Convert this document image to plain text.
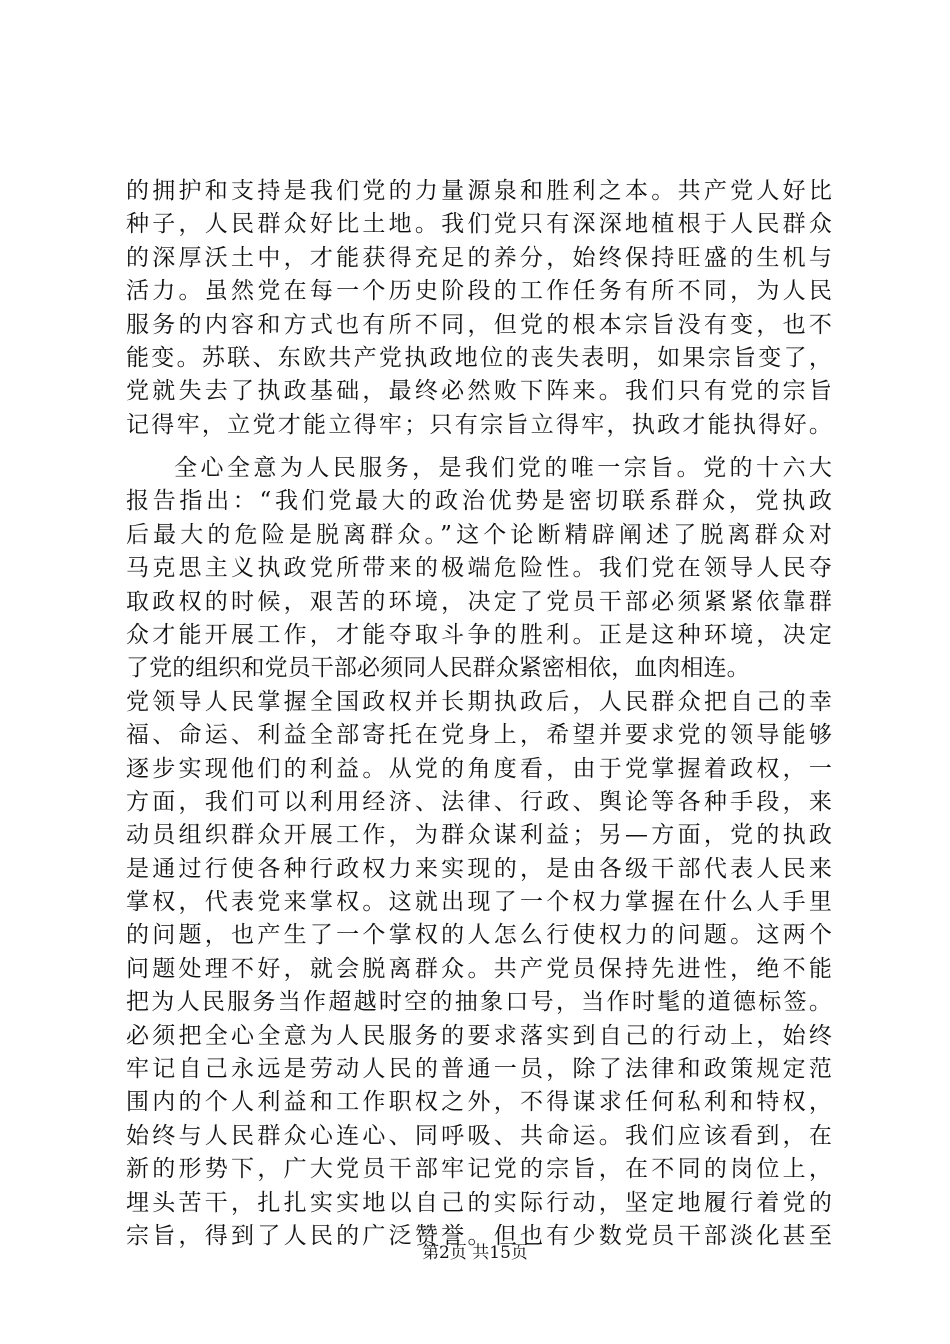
的拥护和支持是我们党的力量源泉和胜利之本。共产党人好比
种子，人民群众好比土地。我们党只有深深地植根于人民群众
的深厚沃土中，才能获得充足的养分，始终保持旺盛的生机与
活力。虽然党在每一个历史阶段的工作任务有所不同，为人民
服务的内容和方式也有所不同，但党的根本宗旨没有变，也不
能变。苏联、东欧共产党执政地位的丧失表明，如果宗旨变了，
党就失去了执政基础，最终必然败下阵来。我们只有党的宗旨
记得牢，立党才能立得牢；只有宗旨立得牢，执政才能执得好。
全心全意为人民服务，是我们党的唯一宗旨。党的十六大
报告指出：“我们党最大的政治优势是密切联系群众，党执政
后最大的危险是脱离群众。”这个论断精辟阐述了脱离群众对
马克思主义执政党所带来的极端危险性。我们党在领导人民夺
取政权的时候，艰苦的环境，决定了党员干部必须紧紧依靠群
众才能开展工作，才能夺取斗争的胜利。正是这种环境，决定
了党的组织和党员干部必须同人民群众紧密相依，血肉相连。
党领导人民掌握全国政权并长期执政后，人民群众把自己的幸
福、命运、利益全部寄托在党身上，希望并要求党的领导能够
逐步实现他们的利益。从党的角度看，由于党掌握着政权，一
方面，我们可以利用经济、法律、行政、舆论等各种手段，来
动员组织群众开展工作，为群众谋利益；另—方面，党的执政
是通过行使各种行政权力来实现的，是由各级干部代表人民来
掌权，代表党来掌权。这就出现了一个权力掌握在什么人手里
的问题，也产生了一个掌权的人怎么行使权力的问题。这两个
问题处理不好，就会脱离群众。共产党员保持先进性，绝不能
把为人民服务当作超越时空的抽象口号，当作时髦的道德标签。
必须把全心全意为人民服务的要求落实到自己的行动上，始终
牢记自己永远是劳动人民的普通一员，除了法律和政策规定范
围内的个人利益和工作职权之外，不得谋求任何私利和特权，
始终与人民群众心连心、同呼吸、共命运。我们应该看到，在
新的形势下，广大党员干部牢记党的宗旨，在不同的岗位上，
埋头苦干，扎扎实实地以自己的实际行动，坚定地履行着党的
宗旨，得到了人民的广泛赞誉。但也有少数党员干部淡化甚至
第2页 共15页
